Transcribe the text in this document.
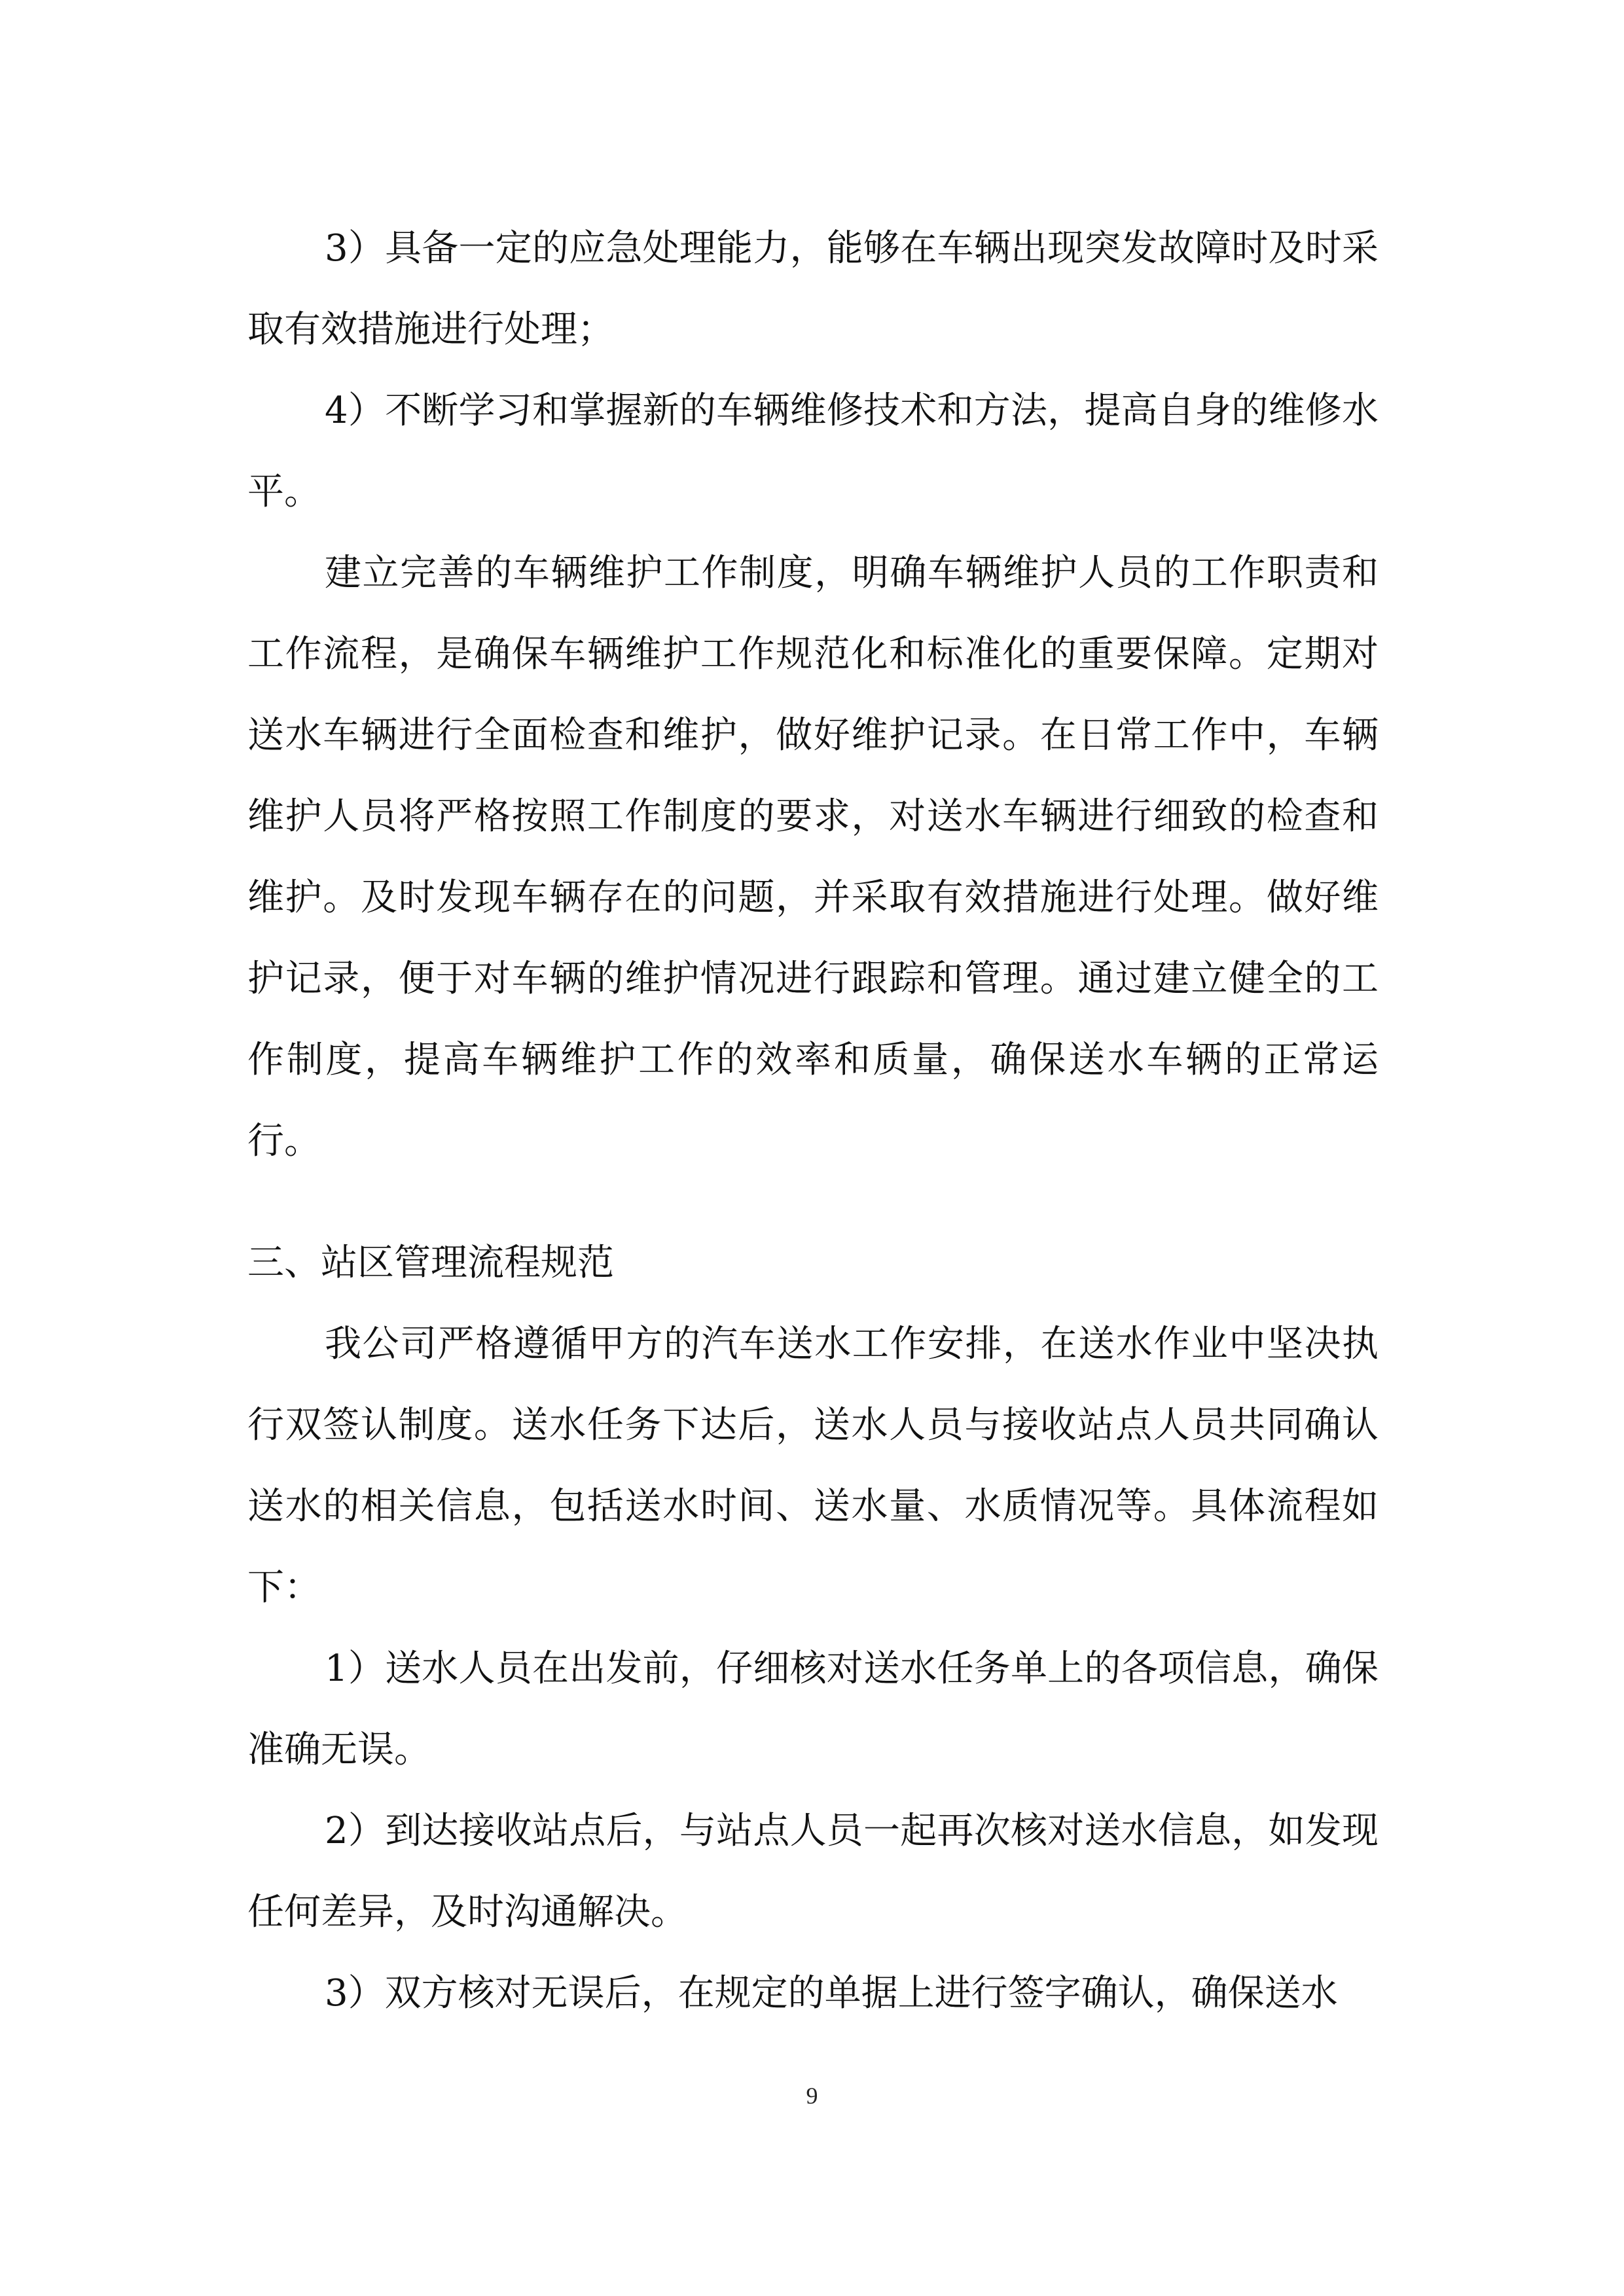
3）具备一定的应急处理能力，能够在车辆出现突发故障时及时采取有效措施进行处理；

4）不断学习和掌握新的车辆维修技术和方法，提高自身的维修水平。

建立完善的车辆维护工作制度，明确车辆维护人员的工作职责和工作流程，是确保车辆维护工作规范化和标准化的重要保障。定期对送水车辆进行全面检查和维护，做好维护记录。在日常工作中，车辆维护人员将严格按照工作制度的要求，对送水车辆进行细致的检查和维护。及时发现车辆存在的问题，并采取有效措施进行处理。做好维护记录，便于对车辆的维护情况进行跟踪和管理。通过建立健全的工作制度，提高车辆维护工作的效率和质量，确保送水车辆的正常运行。

三、站区管理流程规范

我公司严格遵循甲方的汽车送水工作安排，在送水作业中坚决执行双签认制度。送水任务下达后，送水人员与接收站点人员共同确认送水的相关信息，包括送水时间、送水量、水质情况等。具体流程如下：

1）送水人员在出发前，仔细核对送水任务单上的各项信息，确保准确无误。

2）到达接收站点后，与站点人员一起再次核对送水信息，如发现任何差异，及时沟通解决。

3）双方核对无误后，在规定的单据上进行签字确认，确保送水

9
